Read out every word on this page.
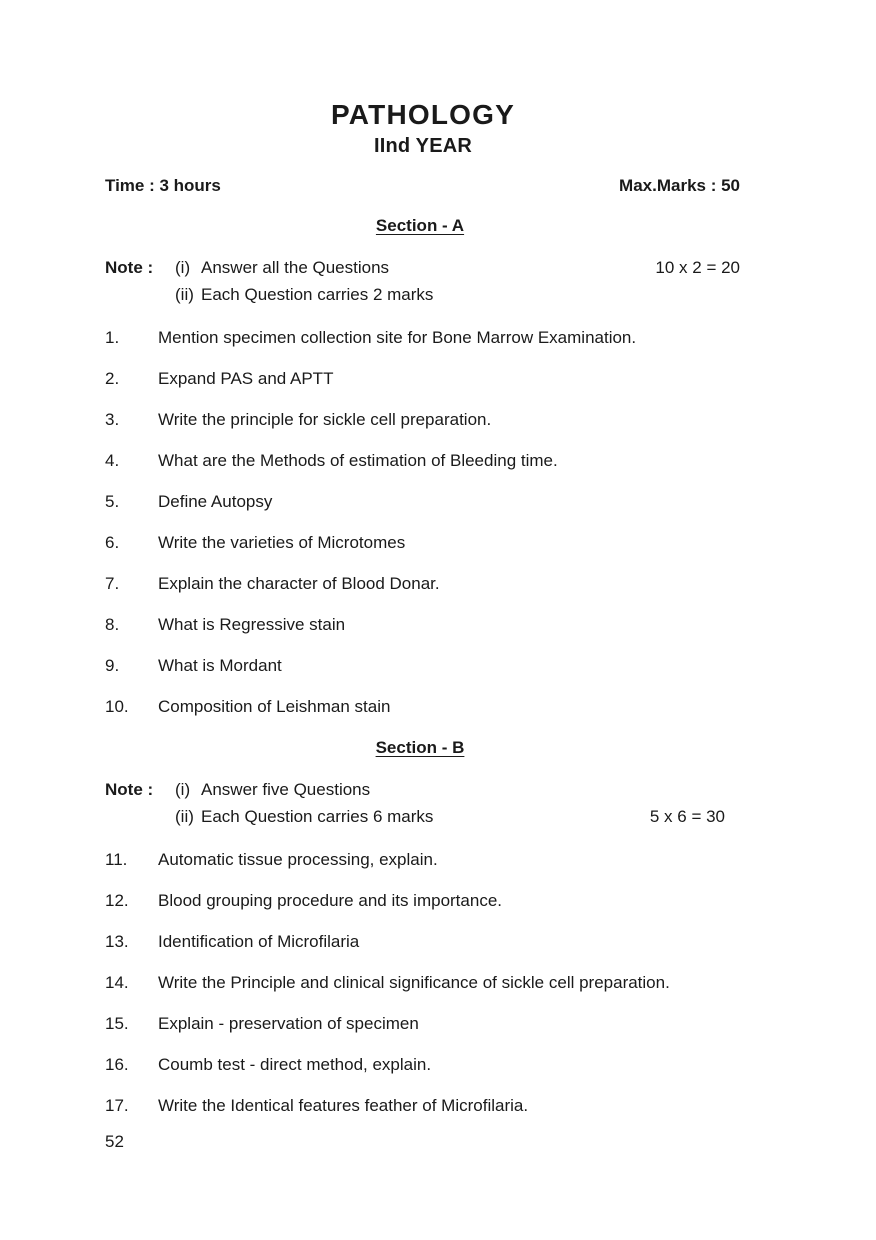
PATHOLOGY
IInd YEAR
Time : 3 hours	Max.Marks : 50
Section - A
Note :	(i) Answer all the Questions	10 x 2 = 20
(ii) Each Question carries 2 marks
1.	Mention specimen collection site for Bone Marrow Examination.
2.	Expand PAS and APTT
3.	Write the principle for sickle cell preparation.
4.	What are the Methods of estimation of Bleeding time.
5.	Define Autopsy
6.	Write the varieties of Microtomes
7.	Explain the character of Blood Donar.
8.	What is Regressive stain
9.	What is Mordant
10.	Composition of Leishman stain
Section - B
Note :	(i) Answer five Questions
(ii) Each Question carries 6 marks	5 x 6 = 30
11.	Automatic tissue processing, explain.
12.	Blood grouping procedure and its importance.
13.	Identification of Microfilaria
14.	Write the Principle and clinical significance of sickle cell preparation.
15.	Explain - preservation of specimen
16.	Coumb test - direct method, explain.
17.	Write the Identical features feather of Microfilaria.
52
